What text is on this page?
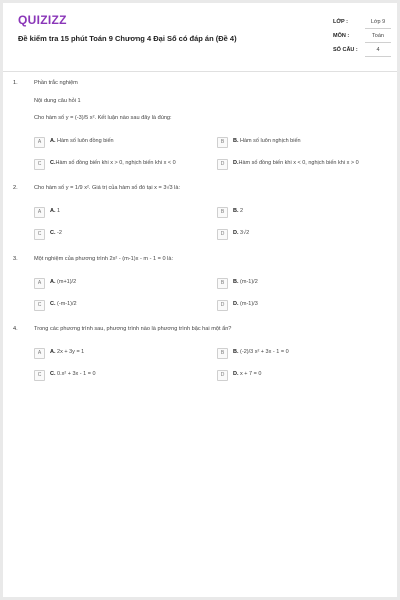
QUIZIZZ
Đề kiểm tra 15 phút Toán 9 Chương 4 Đại Số có đáp án (Đề 4)
LỚP :	Lớp 9
MÔN :	Toán
SỐ CÂU :	4
1.	Phần trắc nghiệm
Nội dung câu hỏi 1
Cho hàm số y = (-3)/5 x². Kết luận nào sau đây là đúng:
A	A. Hàm số luôn đồng biến	B	B. Hàm số luôn nghịch biến
C	C.Hàm số đồng biến khi x > 0, nghịch biến khi x < 0	D	D.Hàm số đồng biến khi x < 0, nghịch biến khi x > 0
2.	Cho hàm số y = 1/9 x². Giá trị của hàm số đó tại x = 3√3 là:
A	A. 1	B	B. 2
C	C. -2	D	D. 3√2
3.	Một nghiệm của phương trình 2x² - (m-1)x - m - 1 = 0 là:
A	A. (m+1)/2	B	B. (m-1)/2
C	C. (-m-1)/2	D	D. (m-1)/3
4.	Trong các phương trình sau, phương trình nào là phương trình bậc hai một ẩn?
A	A. 2x + 3y = 1	B	B. (-2)/3 x² + 3x - 1 = 0
C	C. 0.x² + 3x - 1 = 0	D	D. x + 7 = 0
